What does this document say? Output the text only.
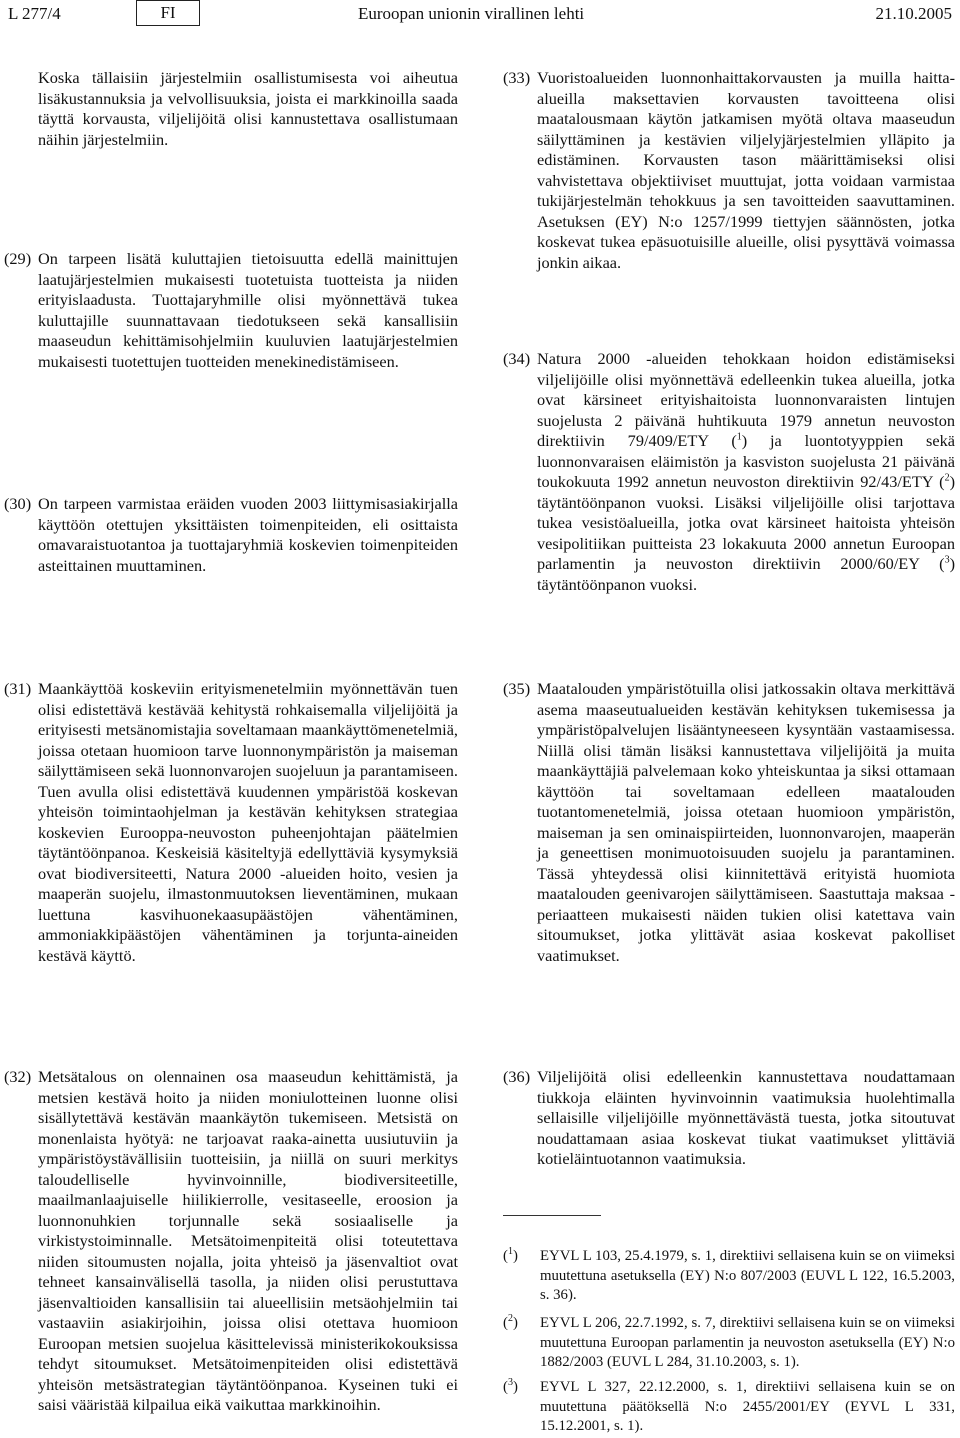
L 277/4	FI	Euroopan unionin virallinen lehti	21.10.2005
Koska tällaisiin järjestelmiin osallistumisesta voi aiheutua lisäkustannuksia ja velvollisuuksia, joista ei markkinoilla saada täyttä korvausta, viljelijöitä olisi kannustettava osallistumaan näihin järjestelmiin.
(29) On tarpeen lisätä kuluttajien tietoisuutta edellä mainittujen laatujärjestelmien mukaisesti tuotetuista tuotteista ja niiden erityislaadusta. Tuottajaryhmille olisi myönnettävä tukea kuluttajille suunnattavaan tiedotukseen sekä kansallisiin maaseudun kehittämisohjelmiin kuuluvien laatujärjestelmien mukaisesti tuotettujen tuotteiden menekinedistämiseen.
(30) On tarpeen varmistaa eräiden vuoden 2003 liittymisasiakirjalla käyttöön otettujen yksittäisten toimenpiteiden, eli osittaista omavaraistuotantoa ja tuottajaryhmiä koskevien toimenpiteiden asteittainen muuttaminen.
(31) Maankäyttöä koskeviin erityismenetelmiin myönnettävän tuen olisi edistettävä kestävää kehitystä rohkaisemalla viljelijöitä ja erityisesti metsänomistajia soveltamaan maankäyttömenetelmiä, joissa otetaan huomioon tarve luonnonympäristön ja maiseman säilyttämiseen sekä luonnonvarojen suojeluun ja parantamiseen. Tuen avulla olisi edistettävä kuudennen ympäristöä koskevan yhteisön toimintaohjelman ja kestävän kehityksen strategiaa koskevien Eurooppa-neuvoston puheenjohtajan päätelmien täytäntöönpanoa. Keskeisiä käsiteltyjä edellyttäviä kysymyksiä ovat biodiversiteetti, Natura 2000 -alueiden hoito, vesien ja maaperän suojelu, ilmastonmuutoksen lieventäminen, mukaan luettuna kasvihuonekaasupäästöjen vähentäminen, ammoniakkipäästöjen vähentäminen ja torjunta-aineiden kestävä käyttö.
(32) Metsätalous on olennainen osa maaseudun kehittämistä, ja metsien kestävä hoito ja niiden moniulotteinen luonne olisi sisällytettävä kestävän maankäytön tukemiseen. Metsistä on monenlaista hyötyä: ne tarjoavat raaka-ainetta uusiutuviin ja ympäristöystävällisiin tuotteisiin, ja niillä on suuri merkitys taloudelliselle hyvinvoinnille, biodiversiteetille, maailmanlaajuiselle hiilikierrolle, vesitaseelle, eroosion ja luonnonuhkien torjunnalle sekä sosiaaliselle ja virkistystoiminnalle. Metsätoimenpiteitä olisi toteutettava niiden sitoumusten nojalla, joita yhteisö ja jäsenvaltiot ovat tehneet kansainvälisellä tasolla, ja niiden olisi perustuttava jäsenvaltioiden kansallisiin tai alueellisiin metsäohjelmiin tai vastaaviin asiakirjoihin, joissa olisi otettava huomioon Euroopan metsien suojelua käsittelevissä ministerikokouksissa tehdyt sitoumukset. Metsätoimenpiteiden olisi edistettävä yhteisön metsästrategian täytäntöönpanoa. Kyseinen tuki ei saisi vääristää kilpailua eikä vaikuttaa markkinoihin.
(33) Vuoristoalueiden luonnonhaittakorvausten ja muilla haitta-alueilla maksettavien korvausten tavoitteena olisi maatalousmaan käytön jatkamisen myötä oltava maaseudun säilyttäminen ja kestävien viljelyjärjestelmien ylläpito ja edistäminen. Korvausten tason määrittämiseksi olisi vahvistettava objektiiviset muuttujat, jotta voidaan varmistaa tukijärjestelmän tehokkuus ja sen tavoitteiden saavuttaminen. Asetuksen (EY) N:o 1257/1999 tiettyjen säännösten, jotka koskevat tukea epäsuotuisille alueille, olisi pysyttävä voimassa jonkin aikaa.
(34) Natura 2000 -alueiden tehokkaan hoidon edistämiseksi viljelijöille olisi myönnettävä edelleenkin tukea alueilla, jotka ovat kärsineet erityishaitoista luonnonvaraisten lintujen suojelusta 2 päivänä huhtikuuta 1979 annetun neuvoston direktiivin 79/409/ETY ($^1$) ja luontotyyppien sekä luonnonvaraisen eläimistön ja kasviston suojelusta 21 päivänä toukokuuta 1992 annetun neuvoston direktiivin 92/43/ETY ($^2$) täytäntöönpanon vuoksi. Lisäksi viljelijöille olisi tarjottava tukea vesistöalueilla, jotka ovat kärsineet haitoista yhteisön vesipolitiikan puitteista 23 lokakuuta 2000 annetun Euroopan parlamentin ja neuvoston direktiivin 2000/60/EY ($^3$) täytäntöönpanon vuoksi.
(35) Maatalouden ympäristötuilla olisi jatkossakin oltava merkittävä asema maaseutualueiden kestävän kehityksen tukemisessa ja ympäristöpalvelujen lisääntyneeseen kysyntään vastaamisessa. Niillä olisi tämän lisäksi kannustettava viljelijöitä ja muita maankäyttäjiä palvelemaan koko yhteiskuntaa ja siksi ottamaan käyttöön tai soveltamaan edelleen maatalouden tuotantomenetelmiä, joissa otetaan huomioon ympäristön, maiseman ja sen ominaispiirteiden, luonnonvarojen, maaperän ja geneettisen monimuotoisuuden suojelu ja parantaminen. Tässä yhteydessä olisi kiinnitettävä erityistä huomiota maatalouden geenivarojen säilyttämiseen. Saastuttaja maksaa -periaatteen mukaisesti näiden tukien olisi katettava vain sitoumukset, jotka ylittävät asiaa koskevat pakolliset vaatimukset.
(36) Viljelijöitä olisi edelleenkin kannustettava noudattamaan tiukkoja eläinten hyvinvoinnin vaatimuksia huolehtimalla sellaisille viljelijöille myönnettävästä tuesta, jotka sitoutuvat noudattamaan asiaa koskevat tiukat vaatimukset ylittäviä kotieläintuotannon vaatimuksia.
($^1$)	EYVL L 103, 25.4.1979, s. 1, direktiivi sellaisena kuin se on viimeksi muutettuna asetuksella (EY) N:o 807/2003 (EUVL L 122, 16.5.2003, s. 36).
($^2$)	EYVL L 206, 22.7.1992, s. 7, direktiivi sellaisena kuin se on viimeksi muutettuna Euroopan parlamentin ja neuvoston asetuksella (EY) N:o 1882/2003 (EUVL L 284, 31.10.2003, s. 1).
($^3$)	EYVL L 327, 22.12.2000, s. 1, direktiivi sellaisena kuin se on muutettuna päätöksellä N:o 2455/2001/EY (EYVL L 331, 15.12.2001, s. 1).
